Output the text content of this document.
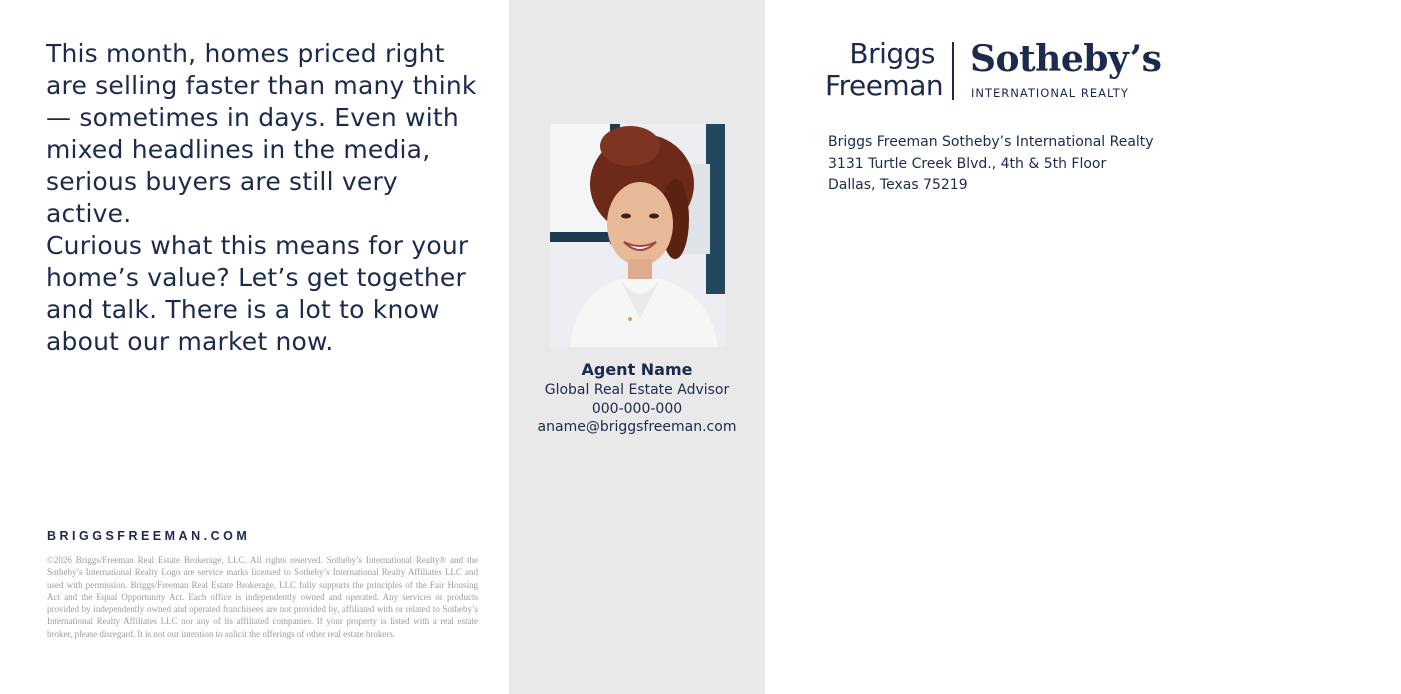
This month, homes priced right are selling faster than many think — sometimes in days. Even with mixed headlines in the media, serious buyers are still very active.
Curious what this means for your home’s value? Let’s get together and talk. There is a lot to know about our market now.
BRIGGSFREEMAN.COM
©2026 Briggs/Freeman Real Estate Brokerage, LLC. All rights reserved. Sotheby’s International Realty® and the Sotheby’s International Realty Logo are service marks licensed to Sotheby’s International Realty Affiliates LLC and used with permission. Briggs/Freeman Real Estate Brokerage, LLC fully supports the principles of the Fair Housing Act and the Equal Opportunity Act. Each office is independently owned and operated. Any services or products provided by independently owned and operated franchisees are not provided by, affiliated with or related to Sotheby’s International Realty Affiliates LLC nor any of its affiliated companies. If your property is listed with a real estate broker, please disregard. It is not our intention to solicit the offerings of other real estate brokers.
Agent Name
Global Real Estate Advisor
000-000-000
aname@briggsfreeman.com
Briggs
Freeman
Sotheby’s
INTERNATIONAL REALTY
Briggs Freeman Sotheby’s International Realty
3131 Turtle Creek Blvd., 4th & 5th Floor
Dallas, Texas 75219
